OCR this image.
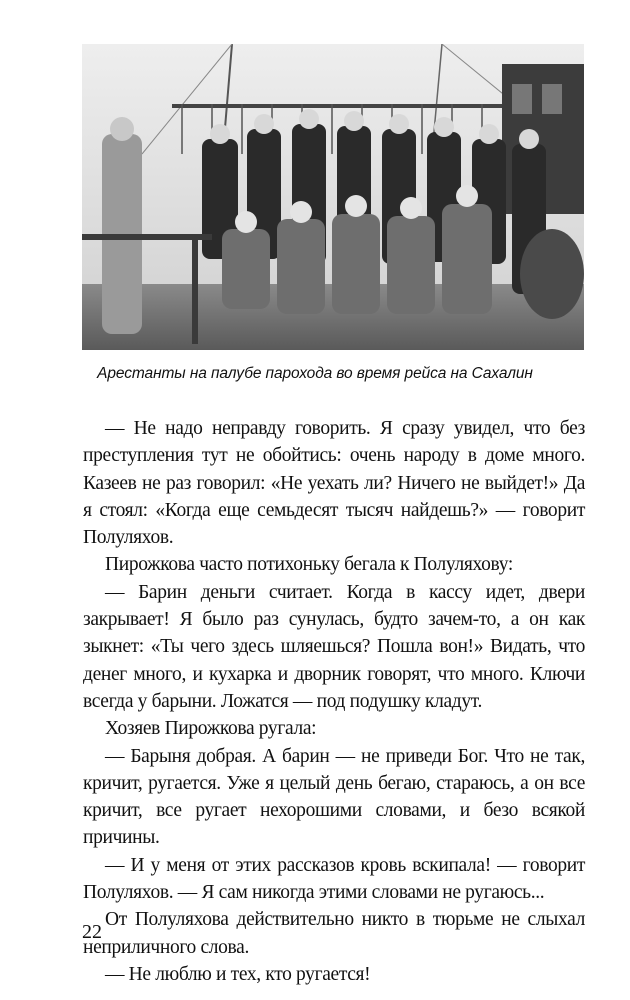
Арестанты на палубе парохода во время рейса на Сахалин

— Не надо неправду говорить. Я сразу увидел, что без преступления тут не обойтись: очень народу в доме много. Казеев не раз говорил: «Не уехать ли? Ничего не выйдет!» Да я стоял: «Когда еще семьдесят тысяч найдешь?» — говорит Полуляхов.

Пирожкова часто потихоньку бегала к Полуляхову:

— Барин деньги считает. Когда в кассу идет, двери закрывает! Я было раз сунулась, будто зачем-то, а он как зыкнет: «Ты чего здесь шляешься? Пошла вон!» Видать, что денег много, и кухарка и дворник говорят, что много. Ключи всегда у барыни. Ложатся — под подушку кладут.

Хозяев Пирожкова ругала:

— Барыня добрая. А барин — не приведи Бог. Что не так, кричит, ругается. Уже я целый день бегаю, стараюсь, а он все кричит, все ругает нехорошими словами, и безо всякой причины.

— И у меня от этих рассказов кровь вскипала! — говорит Полуляхов. — Я сам никогда этими словами не ругаюсь...

От Полуляхова действительно никто в тюрьме не слыхал неприличного слова.

— Не люблю и тех, кто ругается!

22
